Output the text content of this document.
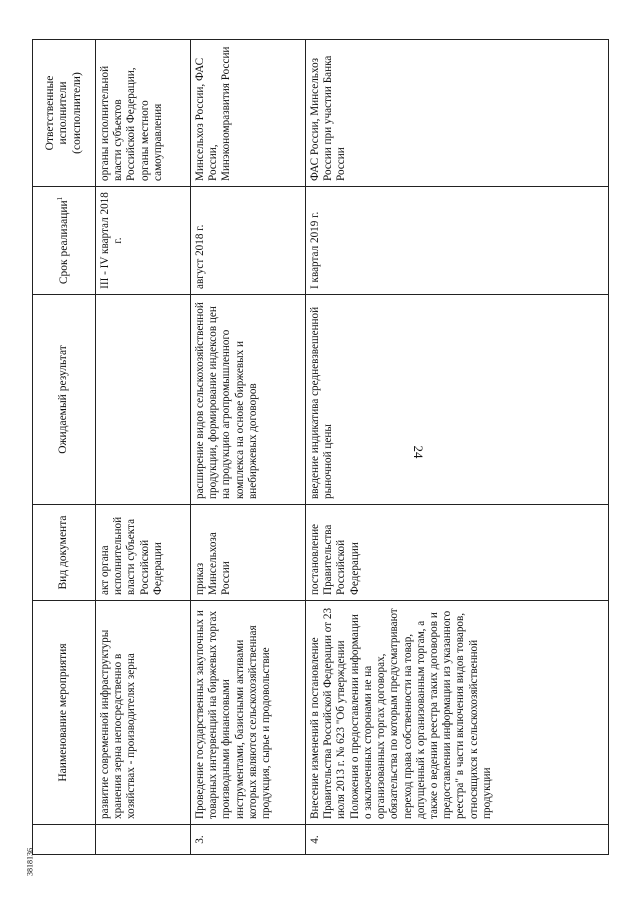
24
3818136
	Наименование мероприятия	Вид документа	Ожидаемый результат	Срок реализации$^1$	Ответственные исполнители (соисполнители)
	развитие современной инфраструктуры хранения зерна непосредственно в хозяйствах - производителях зерна	акт органа исполнительной власти субъекта Российской Федерации		III - IV квартал 2018 г.	органы исполнительной власти субъектов Российской Федерации, органы местного самоуправления
3.	Проведение государственных закупочных и товарных интервенций на биржевых торгах производными финансовыми инструментами, базисными активами которых являются сельскохозяйственная продукция, сырье и продовольствие	приказ Минсельхоза России	расширение видов сельскохозяйственной продукции, формирование индексов цен на продукцию агропромышленного комплекса на основе биржевых и внебиржевых договоров	август 2018 г.	Минсельхоз России, ФАС России, Минэкономразвития России
4.	Внесение изменений в постановление Правительства Российской Федерации от 23 июля 2013 г. № 623 "Об утверждении Положения о предоставлении информации о заключенных сторонами не на организованных торгах договорах, обязательства по которым предусматривают переход права собственности на товар, допущенный к организованным торгам, а также о ведении реестра таких договоров и предоставлении информации из указанного реестра" в части включения видов товаров, относящихся к сельскохозяйственной продукции	постановление Правительства Российской Федерации	введение индикатива средневзвешенной рыночной цены	I квартал 2019 г.	ФАС России, Минсельхоз России при участии Банка России
